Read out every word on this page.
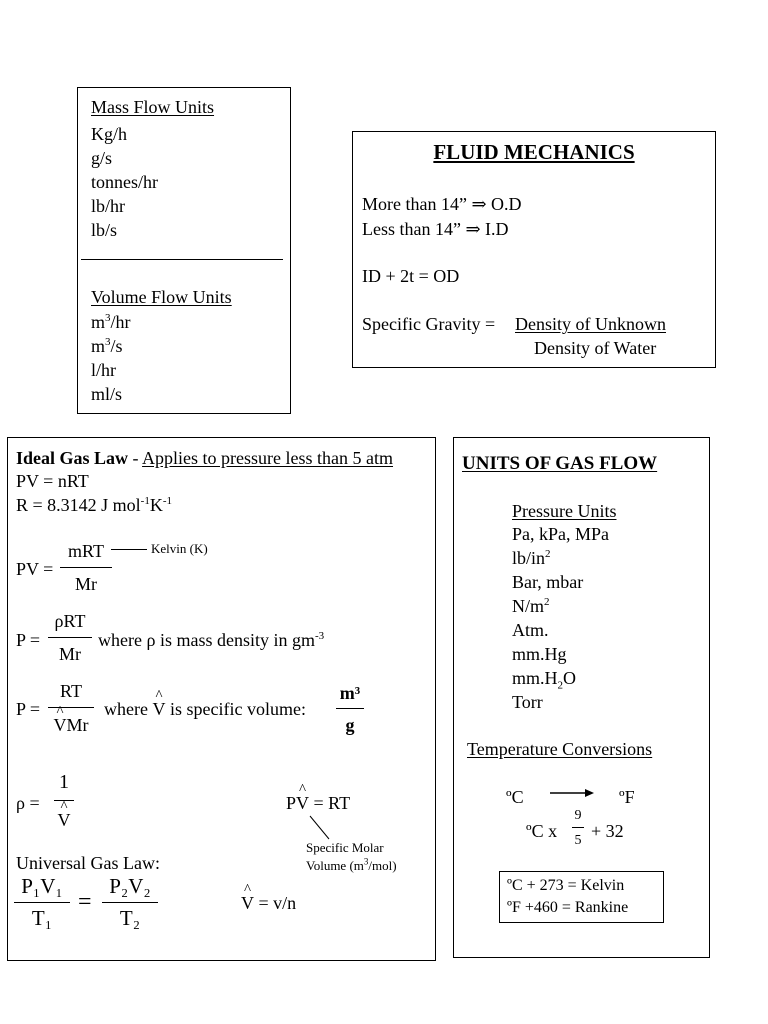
Mass Flow Units
Kg/h
g/s
tonnes/hr
lb/hr
lb/s
Volume Flow Units
$m^3/hr$
$m^3/s$
l/hr
ml/s
FLUID MECHANICS
More than 14” ⇒ O.D
Less than 14” ⇒ I.D
ID + 2t = OD
Specific Gravity = Density of Unknown
Density of Water
Ideal Gas Law - Applies to pressure less than 5 atm
PV = nRT
R = 8.3142 J $mol^{-1}K^{-1}$
PV =
mRT
Mr
Kelvin (K)
P =
ρRT
Mr
where ρ is mass density in $gm^{-3}$
P =
RT
^ VMr
where ^ V is specific volume:
m³
g
ρ =
1
^ V
P^ V = RT
Specific Molar
Volume $(m^3/mol)$
Universal Gas Law:
P₁V₁
T₁
=
P₂V₂
T₂
^ V = v/n
UNITS OF GAS FLOW
Pressure Units
Pa, kPa, MPa
$lb/in^2$
Bar, mbar
$N/m^2$
Atm.
mm.Hg
$mm.H_2O$
Torr
Temperature Conversions
ºC	ºF
ºC x
9
5 + 32
ºC + 273 = Kelvin
ºF +460 = Rankine
